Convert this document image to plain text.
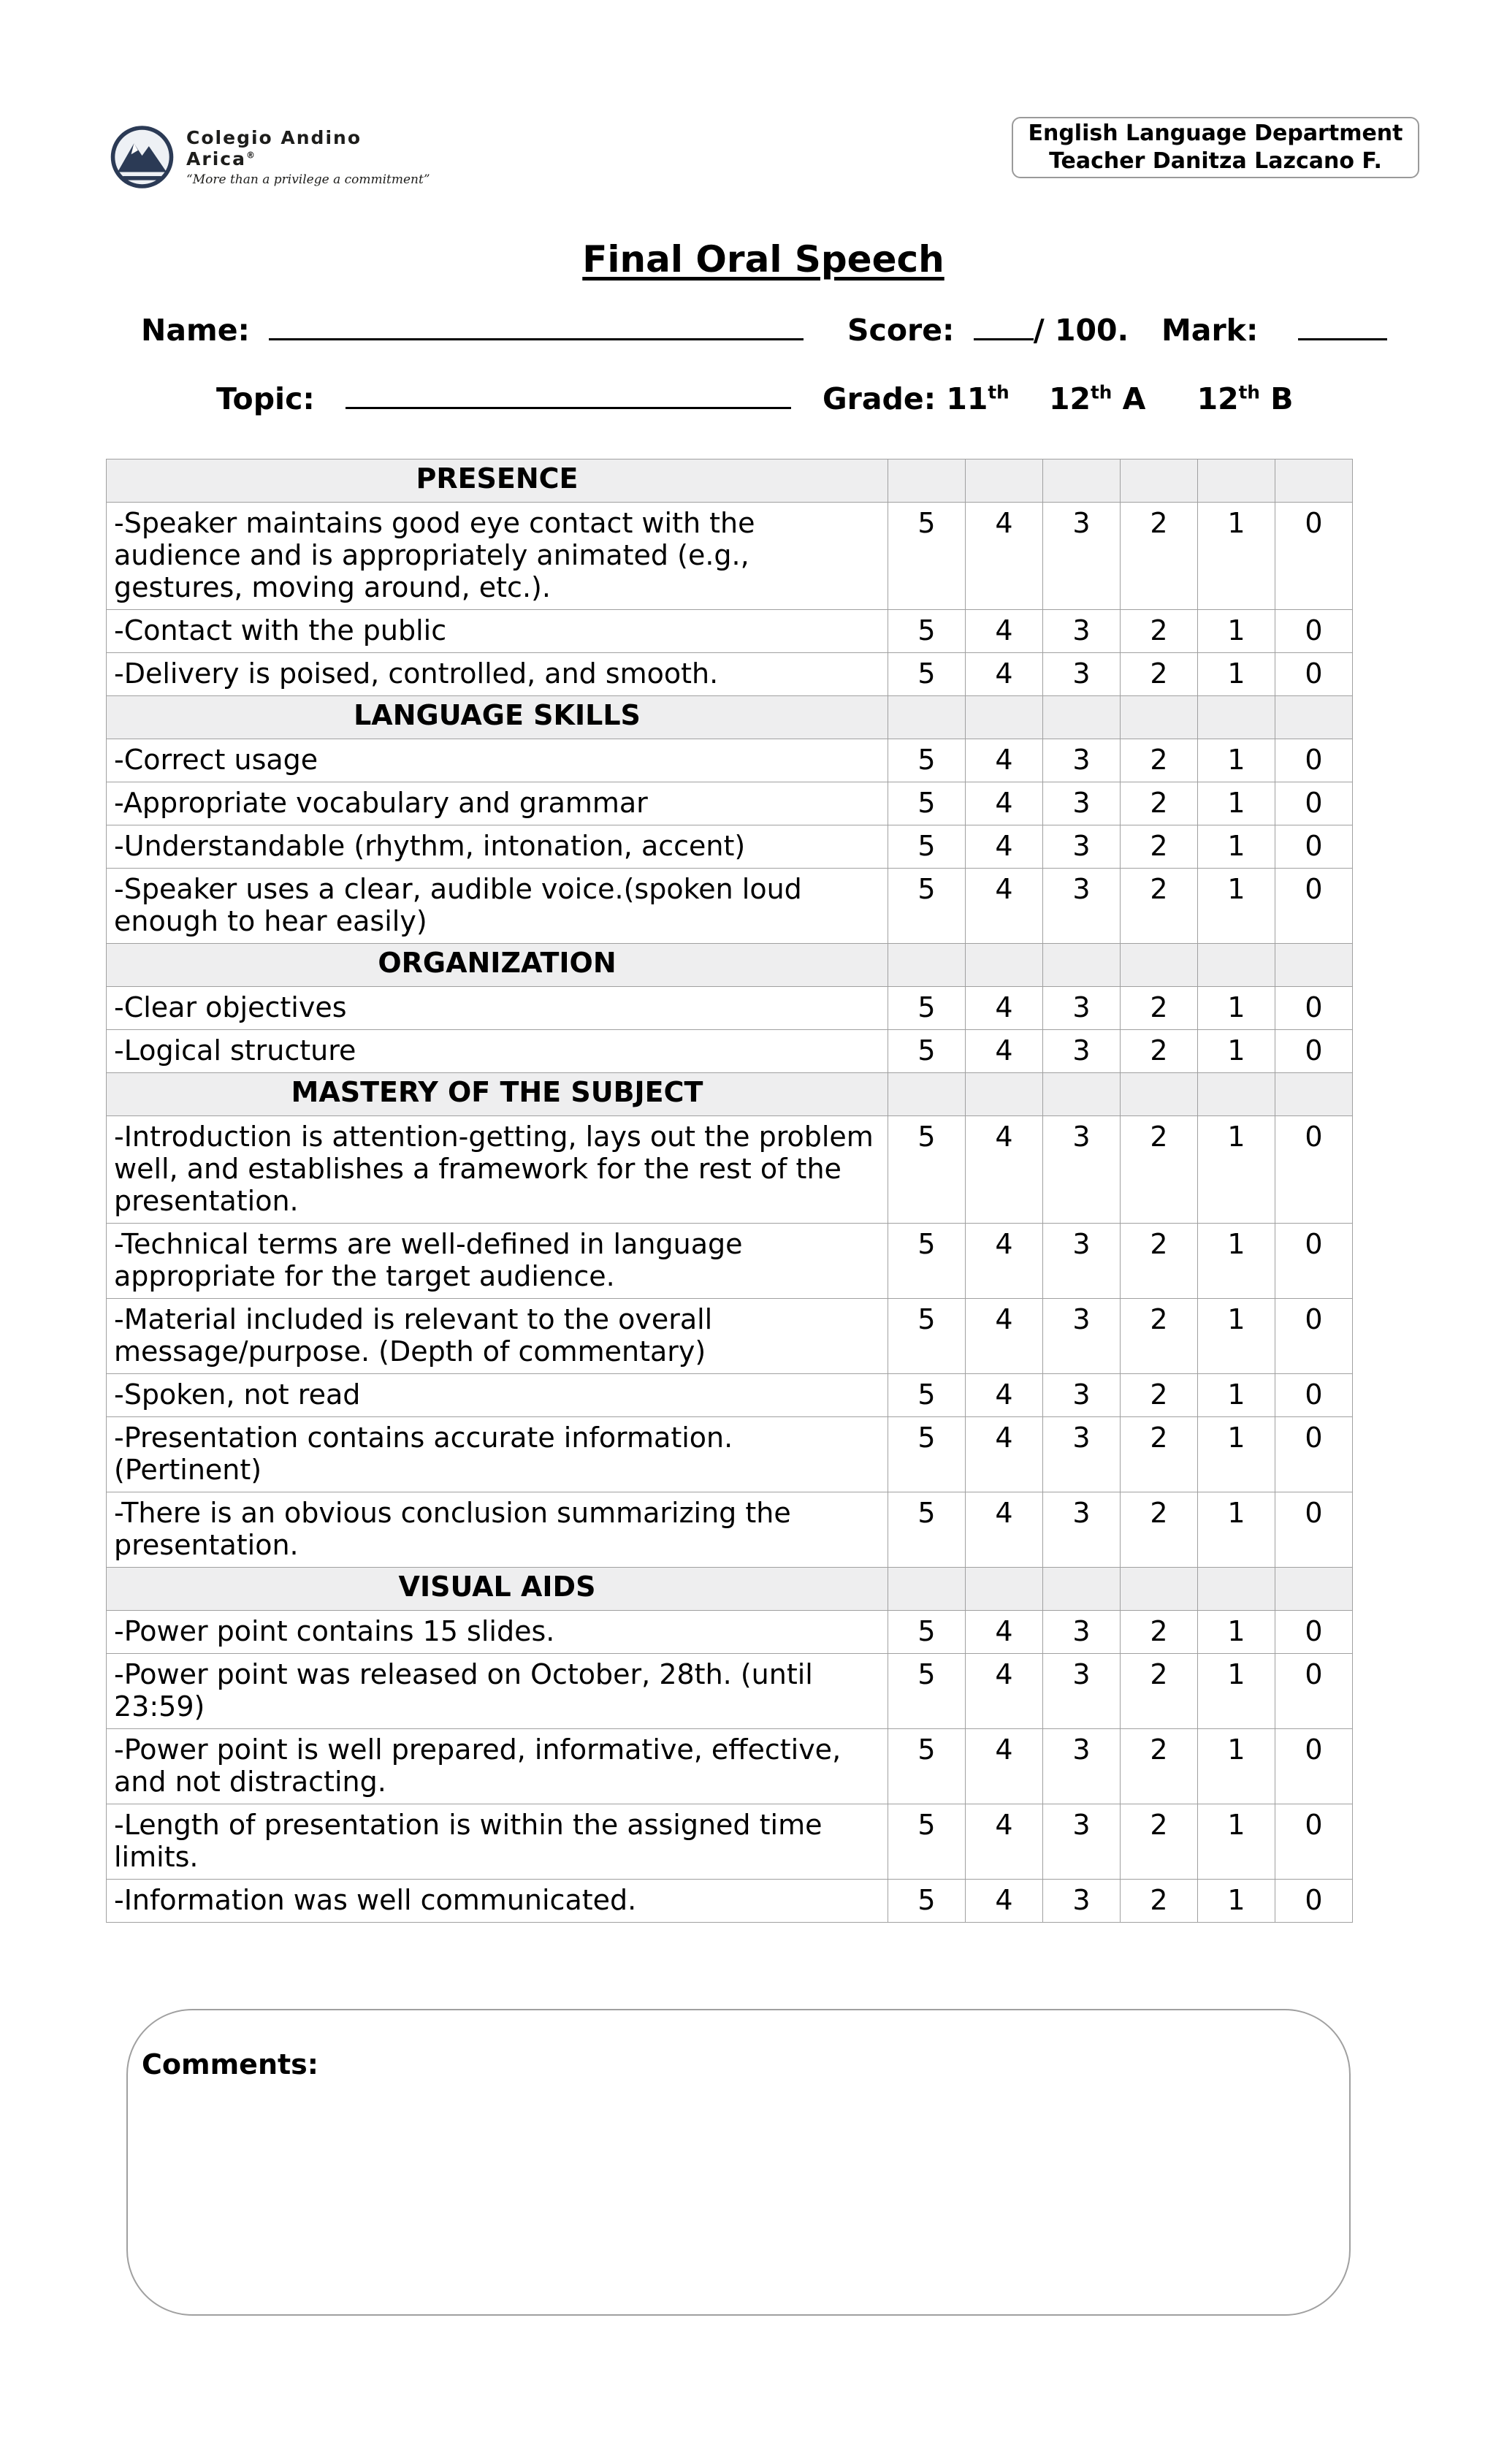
Colegio Andino Arica®
“More than a privilege a commitment”
English Language Department
Teacher Danitza Lazcano F.
Final Oral Speech
Name:	Score:	/ 100. Mark:
Topic:	Grade: 11th 12th A 12th B
PRESENCE						
-Speaker maintains good eye contact with the audience and is appropriately animated (e.g., gestures, moving around, etc.).	5	4	3	2	1	0
-Contact with the public	5	4	3	2	1	0
-Delivery is poised, controlled, and smooth.	5	4	3	2	1	0
LANGUAGE SKILLS						
-Correct usage	5	4	3	2	1	0
-Appropriate vocabulary and grammar	5	4	3	2	1	0
-Understandable (rhythm, intonation, accent)	5	4	3	2	1	0
-Speaker uses a clear, audible voice.(spoken loud enough to hear easily)	5	4	3	2	1	0
ORGANIZATION						
-Clear objectives	5	4	3	2	1	0
-Logical structure	5	4	3	2	1	0
MASTERY OF THE SUBJECT						
-Introduction is attention-getting, lays out the problem well, and establishes a framework for the rest of the presentation.	5	4	3	2	1	0
-Technical terms are well-defined in language appropriate for the target audience.	5	4	3	2	1	0
-Material included is relevant to the overall message/purpose. (Depth of commentary)	5	4	3	2	1	0
-Spoken, not read	5	4	3	2	1	0
-Presentation contains accurate information.(Pertinent)	5	4	3	2	1	0
-There is an obvious conclusion summarizing the presentation.	5	4	3	2	1	0
VISUAL AIDS						
-Power point contains 15 slides.	5	4	3	2	1	0
-Power point was released on October, 28th. (until 23:59)	5	4	3	2	1	0
-Power point is well prepared, informative, effective, and not distracting.	5	4	3	2	1	0
-Length of presentation is within the assigned time limits.	5	4	3	2	1	0
-Information was well communicated.	5	4	3	2	1	0
Comments:
